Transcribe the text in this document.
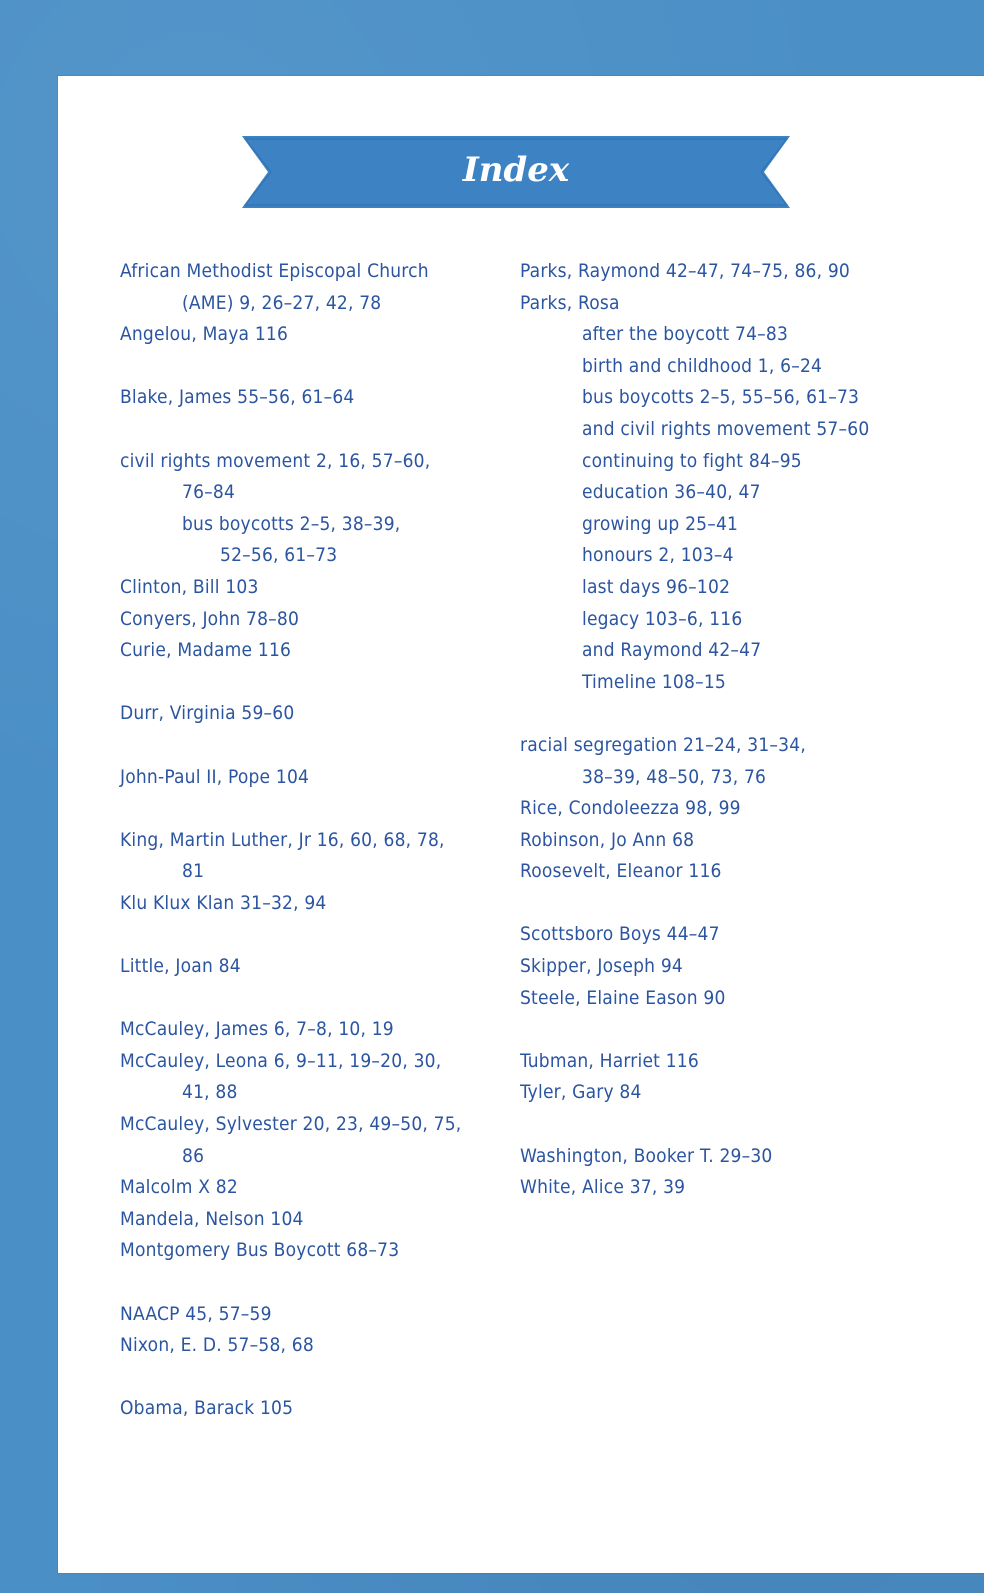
Index
African Methodist Episcopal Church
(AME) 9, 26–27, 42, 78
Angelou, Maya 116
Blake, James 55–56, 61–64
civil rights movement 2, 16, 57–60,
76–84
bus boycotts 2–5, 38–39,
52–56, 61–73
Clinton, Bill 103
Conyers, John 78–80
Curie, Madame 116
Durr, Virginia 59–60
John-Paul II, Pope 104
King, Martin Luther, Jr 16, 60, 68, 78,
81
Klu Klux Klan 31–32, 94
Little, Joan 84
McCauley, James 6, 7–8, 10, 19
McCauley, Leona 6, 9–11, 19–20, 30,
41, 88
McCauley, Sylvester 20, 23, 49–50, 75,
86
Malcolm X 82
Mandela, Nelson 104
Montgomery Bus Boycott 68–73
NAACP 45, 57–59
Nixon, E. D. 57–58, 68
Obama, Barack 105
Parks, Raymond 42–47, 74–75, 86, 90
Parks, Rosa
after the boycott 74–83
birth and childhood 1, 6–24
bus boycotts 2–5, 55–56, 61–73
and civil rights movement 57–60
continuing to fight 84–95
education 36–40, 47
growing up 25–41
honours 2, 103–4
last days 96–102
legacy 103–6, 116
and Raymond 42–47
Timeline 108–15
racial segregation 21–24, 31–34,
38–39, 48–50, 73, 76
Rice, Condoleezza 98, 99
Robinson, Jo Ann 68
Roosevelt, Eleanor 116
Scottsboro Boys 44–47
Skipper, Joseph 94
Steele, Elaine Eason 90
Tubman, Harriet 116
Tyler, Gary 84
Washington, Booker T. 29–30
White, Alice 37, 39
